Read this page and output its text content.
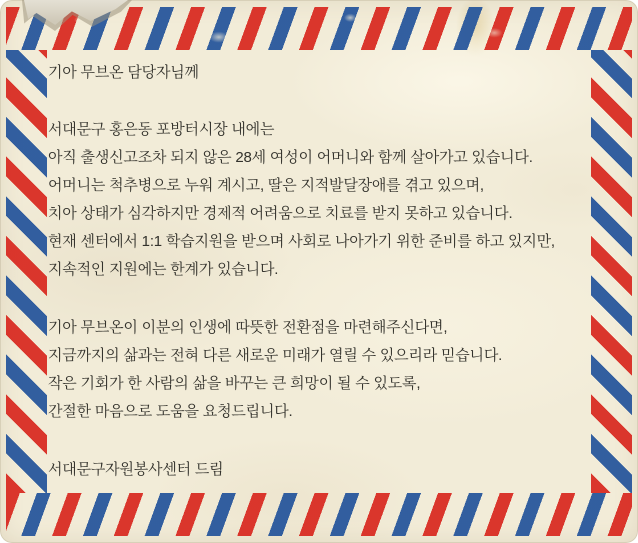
기아 무브온 담당자님께

서대문구 홍은동 포방터시장 내에는

아직 출생신고조차 되지 않은 28세 여성이 어머니와 함께 살아가고 있습니다.

어머니는 척추병으로 누워 계시고, 딸은 지적발달장애를 겪고 있으며,

치아 상태가 심각하지만 경제적 어려움으로 치료를 받지 못하고 있습니다.

현재 센터에서 1:1 학습지원을 받으며 사회로 나아가기 위한 준비를 하고 있지만,

지속적인 지원에는 한계가 있습니다.

기아 무브온이 이분의 인생에 따뜻한 전환점을 마련해주신다면,

지금까지의 삶과는 전혀 다른 새로운 미래가 열릴 수 있으리라 믿습니다.

작은 기회가 한 사람의 삶을 바꾸는 큰 희망이 될 수 있도록,

간절한 마음으로 도움을 요청드립니다.

서대문구자원봉사센터 드림
